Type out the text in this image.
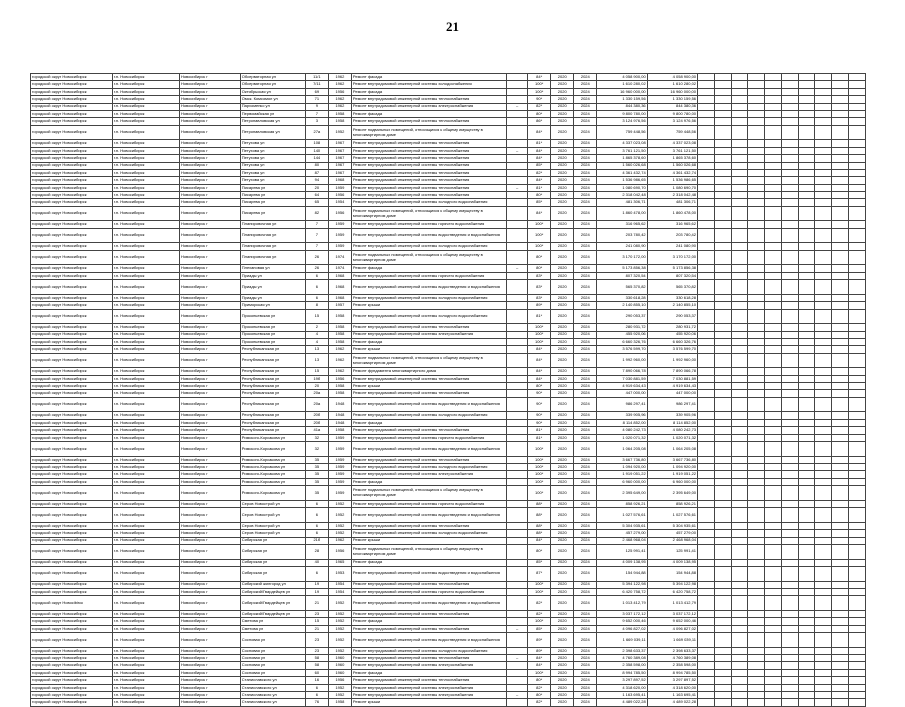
21
городской округ Новосибирск	г.п. Новосибирск	Новосибирск г	Обсерваторная ул	11/1	1962	Ремонт фасада		84*	2020	2024	4 058 900,00	4 058 900,00										
городской округ Новосибирск	г.п. Новосибирск	Новосибирск г	Обсерваторная ул	7/11	1962	Ремонт внутридомовой инженерной системы холодоснабжения		100*	2020	2024	1 610 280,02	1 610 280,02										
городской округ Новосибирск	г.п. Новосибирск	Новосибирск г	Октябрьская ул	69	1956	Ремонт фасада		100*	2020	2024	16 960 000,00	16 960 000,00										
городской округ Новосибирск	г.п. Новосибирск	Новосибирск г	Омск. Комсомол ул	71	1962	Ремонт внутридомовой инженерной системы теплоснабжения		90*	2020	2024	1 330 159,56	1 330 159,56										
городской округ Новосибирск	г.п. Новосибирск	Новосибирск г	Пархоменко ул	9	1962	Ремонт внутридомовой инженерной системы электроснабжения	–	82*	2020	2024	844 380,36	844 380,36										
городской округ Новосибирск	г.п. Новосибирск	Новосибирск г	Первомайская ул	7	1958	Ремонт фасада		80*	2020	2024	9 800 780,00	9 800 780,00										
городской округ Новосибирск	г.п. Новосибирск	Новосибирск г	Петропавловская ул	3	1958	Ремонт внутридомовой инженерной системы теплоснабжения		86*	2020	2024	3 124 976,56	3 124 976,56										
городской округ Новосибирск	г.п. Новосибирск	Новосибирск г	Петропавловская ул	27а	1952	Ремонт подвальных помещений, относящихся к общему имуществу в многоквартирном доме		84*	2020	2024	759 448,56	759 448,56										
городской округ Новосибирск	г.п. Новосибирск	Новосибирск г	Петухова ул	108	1967	Ремонт внутридомовой инженерной системы теплоснабжения		81*	2020	2024	4 337 023,08	4 337 023,08										
городской округ Новосибирск	г.п. Новосибирск	Новосибирск г	Петухова ул	140	1967	Ремонт внутридомовой инженерной системы теплоснабжения	–	84*	2020	2024	3 761 121,50	3 761 121,50										
городской округ Новосибирск	г.п. Новосибирск	Новосибирск г	Петухова ул	144	1967	Ремонт внутридомовой инженерной системы теплоснабжения		84*	2020	2024	1 865 378,60	1 865 378,60										
городской округ Новосибирск	г.п. Новосибирск	Новосибирск г	Петухова ул	80	1967	Ремонт внутридомовой инженерной системы теплоснабжения		85*	2020	2024	1 560 026,68	1 560 026,68										
городской округ Новосибирск	г.п. Новосибирск	Новосибирск г	Петухова ул	87	1967	Ремонт внутридомовой инженерной системы теплоснабжения		82*	2020	2024	4 361 432,74	4 361 432,74										
городской округ Новосибирск	г.п. Новосибирск	Новосибирск г	Петухова ул	94	1968	Ремонт внутридомовой инженерной системы теплоснабжения		84*	2020	2024	1 536 986,65	1 536 986,65										
городской округ Новосибирск	г.п. Новосибирск	Новосибирск г	Писарева ул	20	1959	Ремонт внутридомовой инженерной системы теплоснабжения	–	81*	2020	2024	1 080 690,70	1 080 690,70										
городской округ Новосибирск	г.п. Новосибирск	Новосибирск г	Писарева ул	64	1956	Ремонт внутридомовой инженерной системы теплоснабжения		80*	2020	2024	2 318 042,48	2 318 042,48										
городской округ Новосибирск	г.п. Новосибирск	Новосибирск г	Писарева ул	65	1954	Ремонт внутридомовой инженерной системы холодного водоснабжения		85*	2020	2024	481 306,71	481 306,71										
городской округ Новосибирск	г.п. Новосибирск	Новосибирск г	Писарева ул	82	1956	Ремонт подвальных помещений, относящихся к общему имуществу в многоквартирном доме		84*	2020	2024	1 860 478,00	1 860 478,00										
городской округ Новосибирск	г.п. Новосибирск	Новосибирск г	Планировочная ул	7	1959	Ремонт внутридомовой инженерной системы горячего водоснабжения		100*	2020	2024	316 965,62	316 965,62										
городской округ Новосибирск	г.п. Новосибирск	Новосибирск г	Планировочная ул	7	1959	Ремонт внутридомовой инженерной системы водоотведения и водоснабжения		100*	2020	2024	203 780,42	203 780,42										
городской округ Новосибирск	г.п. Новосибирск	Новосибирск г	Планировочная ул	7	1959	Ремонт внутридомовой инженерной системы холодного водоснабжения		100*	2020	2024	241 080,90	241 080,90										
городской округ Новосибирск	г.п. Новосибирск	Новосибирск г	Планировочная ул	26	1974	Ремонт подвальных помещений, относящихся к общему имуществу в многоквартирном доме		80*	2020	2024	3 170 172,00	3 170 172,00										
городской округ Новосибирск	г.п. Новосибирск	Новосибирск г	Плехановая ул	26	1974	Ремонт фасада	–	80*	2020	2024	5 173 856,38	5 173 856,38										
городской округ Новосибирск	г.п. Новосибирск	Новосибирск г	Приады ул	6	1968	Ремонт внутридомовой инженерной системы горячего водоснабжения		83*	2020	2024	807 320,54	807 320,54										
городской округ Новосибирск	г.п. Новосибирск	Новосибирск г	Приады ул	6	1968	Ремонт внутридомовой инженерной системы водоотведения и водоснабжения		83*	2020	2024	565 370,82	565 370,82										
городской округ Новосибирск	г.п. Новосибирск	Новосибирск г	Приады ул	6	1968	Ремонт внутридомовой инженерной системы холодного водоснабжения		83*	2020	2024	330 618,28	330 618,28										
городской округ Новосибирск	г.п. Новосибирск	Новосибирск г	Приморская ул	8	1957	Ремонт крыши		89*	2020	2024	2 140 855,10	2 140 855,10										
городской округ Новосибирск	г.п. Новосибирск	Новосибирск г	Прокопьевская ул	15	1958	Ремонт внутридомовой инженерной системы холодного водоснабжения		81*	2020	2024	290 053,37	290 053,37										
городской округ Новосибирск	г.п. Новосибирск	Новосибирск г	Прокопьевская ул	2	1958	Ремонт внутридомовой инженерной системы теплоснабжения		100*	2020	2024	280 931,72	280 931,72										
городской округ Новосибирск	г.п. Новосибирск	Новосибирск г	Прокопьевская ул	4	1958	Ремонт внутридомовой инженерной системы электроснабжения		100*	2020	2024	455 920,06	455 920,06										
городской округ Новосибирск	г.п. Новосибирск	Новосибирск г	Прокопьевская ул	4	1958	Ремонт фасада		100*	2020	2024	6 660 326,76	6 660 326,76										
городской округ Новосибирск	г.п. Новосибирск	Новосибирск г	Республиканская ул	13	1962	Ремонт крыши		84*	2020	2024	3 576 599,70	3 576 599,70										
городской округ Новосибирск	г.п. Новосибирск	Новосибирск г	Республиканская ул	13	1962	Ремонт подвальных помещений, относящихся к общему имуществу в многоквартирном доме		84*	2020	2024	1 992 960,00	1 992 960,00										
городской округ Новосибирск	г.п. Новосибирск	Новосибирск г	Республиканская ул	15	1962	Ремонт фундамента многоквартирного дома		84*	2020	2024	7 890 066,78	7 890 066,78										
городской округ Новосибирск	г.п. Новосибирск	Новосибирск г	Республиканская ул	19б	1956	Ремонт внутридомовой инженерной системы теплоснабжения		84*	2020	2024	7 030 881,59	7 030 881,59										
городской округ Новосибирск	г.п. Новосибирск	Новосибирск г	Республиканская ул	20	1958	Ремонт крыши		80*	2020	2024	4 919 634,43	4 919 634,43										
городской округ Новосибирск	г.п. Новосибирск	Новосибирск г	Республиканская ул	20а	1958	Ремонт внутридомовой инженерной системы теплоснабжения		90*	2020	2024	447 000,00	447 000,00										
городской округ Новосибирск	г.п. Новосибирск	Новосибирск г	Республиканская ул	20а	1948	Ремонт внутридомовой инженерной системы водоотведения и водоснабжения		90*	2020	2024	986 297,41	986 297,41										
городской округ Новосибирск	г.п. Новосибирск	Новосибирск г	Республиканская ул	20б	1948	Ремонт внутридомовой инженерной системы холодного водоснабжения		90*	2020	2024	339 905,96	339 905,96										
городской округ Новосибирск	г.п. Новосибирск	Новосибирск г	Республиканская ул	20б	1948	Ремонт фасада		90*	2020	2024	8 114 852,00	8 114 852,00										
городской округ Новосибирск	г.п. Новосибирск	Новосибирск г	Республиканская ул	41а	1958	Ремонт внутридомовой инженерной системы теплоснабжения		81*	2020	2024	4 080 242,73	4 080 242,73										
городской округ Новосибирск	г.п. Новосибирск	Новосибирск г	Римского-Корсакова ул	32	1959	Ремонт внутридомовой инженерной системы горячего водоснабжения		81*	2020	2024	1 020 071,32	1 020 071,32										
городской округ Новосибирск	г.п. Новосибирск	Новосибирск г	Римского-Корсакова ул	32	1959	Ремонт внутридомовой инженерной системы водоотведения и водоснабжения		100*	2020	2024	1 064 205,08	1 064 205,08										
городской округ Новосибирск	г.п. Новосибирск	Новосибирск г	Римского-Корсакова ул	35	1959	Ремонт внутридомовой инженерной системы теплоснабжения		100*	2020	2024	3 667 736,80	3 667 736,80										
городской округ Новосибирск	г.п. Новосибирск	Новосибирск г	Римского-Корсакова ул	35	1959	Ремонт внутридомовой инженерной системы холодного водоснабжения		100*	2020	2024	1 094 920,00	1 094 920,00										
городской округ Новосибирск	г.п. Новосибирск	Новосибирск г	Римского-Корсакова ул	35	1959	Ремонт внутридомовой инженерной системы электроснабжения		100*	2020	2024	1 919 051,22	1 919 051,22										
городской округ Новосибирск	г.п. Новосибирск	Новосибирск г	Римского-Корсакова ул	35	1959	Ремонт фасада		100*	2020	2024	6 960 000,00	6 960 000,00										
городской округ Новосибирск	г.п. Новосибирск	Новосибирск г	Римского-Корсакова ул	35	1959	Ремонт подвальных помещений, относящихся к общему имуществу в многоквартирном доме		100*	2020	2024	2 395 649,00	2 395 649,00										
городской округ Новосибирск	г.п. Новосибирск	Новосибирск г	Серов Новострой ул	6	1952	Ремонт внутридомовой инженерной системы горячего водоснабжения		88*	2020	2024	858 926,21	858 926,21										
городской округ Новосибирск	г.п. Новосибирск	Новосибирск г	Серов Новострой ул	6	1952	Ремонт внутридомовой инженерной системы водоотведения и водоснабжения		88*	2020	2024	1 027 576,61	1 027 576,61										
городской округ Новосибирск	г.п. Новосибирск	Новосибирск г	Серов Новострой ул	6	1952	Ремонт внутридомовой инженерной системы теплоснабжения		88*	2020	2024	5 304 935,61	5 304 935,61										
городской округ Новосибирск	г.п. Новосибирск	Новосибирск г	Серов Новострой ул	6	1952	Ремонт внутридомовой инженерной системы холодного водоснабжения		88*	2020	2024	457 279,00	457 279,00										
городской округ Новосибирск	г.п. Новосибирск	Новосибирск г	Сибирская ул	21б	1962	Ремонт крыши		84*	2020	2024	2 468 968,04	2 468 968,04										
городской округ Новосибирск	г.п. Новосибирск	Новосибирск г	Сибирская ул	28	1956	Ремонт подвальных помещений, относящихся к общему имуществу в многоквартирном доме		80*	2020	2024	125 991,41	125 991,41										
городской округ Новосибирск	г.п. Новосибирск	Новосибирск г	Сибирская ул	40	1965	Ремонт фасада		85*	2020	2024	4 009 138,95	4 009 138,95										
городской округ Новосибирск	г.п. Новосибирск	Новосибирск г	Сибирская ул	6	1953	Ремонт внутридомовой инженерной системы водоотведения и водоснабжения		87*	2020	2024	154 944,88	154 944,88										
городской округ Новосибирск	г.п. Новосибирск	Новосибирск г	Сибирский жилгород ул	19	1954	Ремонт внутридомовой инженерной системы теплоснабжения		100*	2020	2024	5 394 122,98	5 394 122,98										
городской округ Новосибирск	г.п. Новосибирск	Новосибирск г	Сибирский/Гвардейцев ул	19	1954	Ремонт внутридомовой инженерной системы горячего водоснабжения		100*	2020	2024	6 420 758,72	6 420 758,72										
городской округ Новосibirск	г.п. Новосибирск	Новосибирск г	Сибирский/Гвардейцев ул	21	1952	Ремонт внутридомовой инженерной системы водоотведения и водоснабжения		82*	2020	2024	1 013 412,79	1 013 412,79										
городской округ Новосибирск	г.п. Новосибирск	Новосибирск г	Сибирский/Гвардейцев ул	23	1952	Ремонт внутридомовой инженерной системы теплоснабжения		82*	2020	2024	3 037 172,12	3 037 172,12										
городской округ Новосибирск	г.п. Новосибирск	Новосибирск г	Сметова ул	15	1952	Ремонт фасада		100*	2020	2024	9 652 000,46	9 652 000,46										
городской округ Новосибирск	г.п. Новосибирск	Новосибирск г	Сметова ул	21	1952	Ремонт внутридомовой инженерной системы теплоснабжения	–	85*	2020	2024	4 096 827,02	4 096 827,02										
городской округ Новосибирск	г.п. Новосибирск	Новосибирск г	Сосновая ул	23	1952	Ремонт внутридомовой инженерной системы водоотведения и водоснабжения		89*	2020	2024	1 669 039,11	1 669 039,11										
городской округ Новосибирск	г.п. Новосибирск	Новосибирск г	Сосновая ул	23	1952	Ремонт внутридомовой инженерной системы холодного водоснабжения		89*	2020	2024	2 398 633,37	2 398 633,37										
городской округ Новосибирск	г.п. Новосибирск	Новосибирск г	Сосновая ул	58	1960	Ремонт внутридомовой инженерной системы теплоснабжения	–	84*	2020	2024	4 760 389,08	4 760 389,08										
городской округ Новосибирск	г.п. Новосибирск	Новосибирск г	Сосновая ул	58	1960	Ремонт внутридомовой инженерной системы электроснабжения		84*	2020	2024	2 358 598,00	2 358 598,00										
городской округ Новосибирск	г.п. Новосибирск	Новосибирск г	Сосновая ул	60	1960	Ремонт фасада		100*	2020	2024	8 994 785,50	8 994 785,50										
городской округ Новосибирск	г.п. Новосибирск	Новосибирск г	Станиславского ул	16	1956	Ремонт внутридомовой инженерной системы теплоснабжения		80*	2020	2024	3 297 897,52	3 297 897,52										
городской округ Новосибирск	г.п. Новосибирск	Новосибирск г	Станиславского ул	6	1952	Ремонт внутридомовой инженерной системы электроснабжения		82*	2020	2024	4 318 620,00	4 318 620,00										
городской округ Новосибирск	г.п. Новосибирск	Новосибирск г	Станиславского ул	6	1952	Ремонт внутридомовой инженерной системы электроснабжения	–	80*	2020	2024	1 163 695,41	1 163 695,41										
городской округ Новосибирск	г.п. Новосибирск	Новосибирск г	Станиславского ул	76	1958	Ремонт крыши		82*	2020	2024	4 489 022,28	4 489 022,28										
